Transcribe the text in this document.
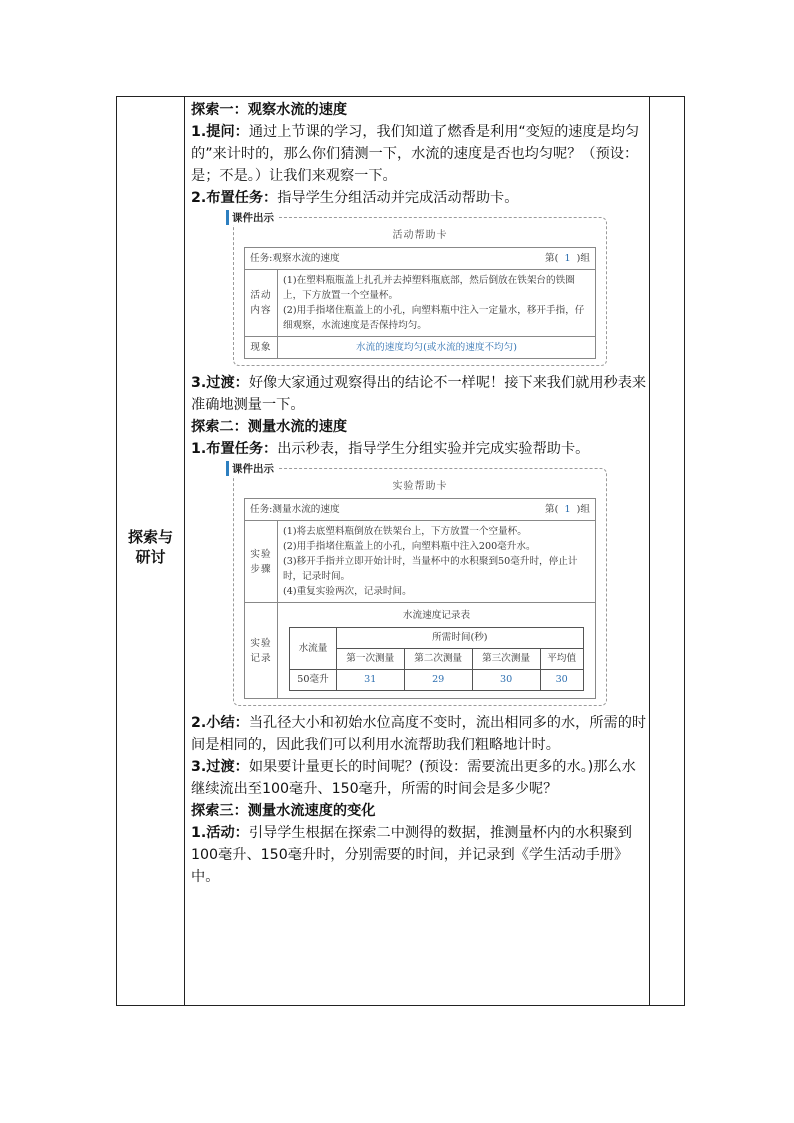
探索与
研讨

探索一：观察水流的速度

1.提问：通过上节课的学习，我们知道了燃香是利用“变短的速度是均匀的”来计时的，那么你们猜测一下，水流的速度是否也均匀呢？（预设：是；不是。）让我们来观察一下。

2.布置任务：指导学生分组活动并完成活动帮助卡。

课件出示
活动帮助卡
任务:观察水流的速度 第( 1 )组	

活动内容	(1)在塑料瓶瓶盖上扎孔并去掉塑料瓶底部，然后倒放在铁架台的铁圈上，下方放置一个空量杯。
(2)用手指堵住瓶盖上的小孔，向塑料瓶中注入一定量水，移开手指，仔细观察，水流速度是否保持均匀。

现象	水流的速度均匀(或水流的速度不均匀)

3.过渡：好像大家通过观察得出的结论不一样呢！接下来我们就用秒表来准确地测量一下。

探索二：测量水流的速度

1.布置任务：出示秒表，指导学生分组实验并完成实验帮助卡。

课件出示
实验帮助卡
任务:测量水流的速度	第( 1 )组

实验步骤	
(1)将去底塑料瓶倒放在铁架台上，下方放置一个空量杯。
(2)用手指堵住瓶盖上的小孔，向塑料瓶中注入200毫升水。
(3)移开手指并立即开始计时，当量杯中的水积聚到50毫升时，停止计时，记录时间。
(4)重复实验两次，记录时间。

实验记录	
水流速度记录表
水流量	所需时间(秒)
第一次测量	第二次测量	第三次测量	平均值
50毫升	31	29	30	30

2.小结：当孔径大小和初始水位高度不变时，流出相同多的水，所需的时间是相同的，因此我们可以利用水流帮助我们粗略地计时。

3.过渡：如果要计量更长的时间呢？(预设：需要流出更多的水。)那么水继续流出至100毫升、150毫升，所需的时间会是多少呢？

探索三：测量水流速度的变化

1.活动：引导学生根据在探索二中测得的数据，推测量杯内的水积聚到100毫升、150毫升时，分别需要的时间，并记录到《学生活动手册》中。
